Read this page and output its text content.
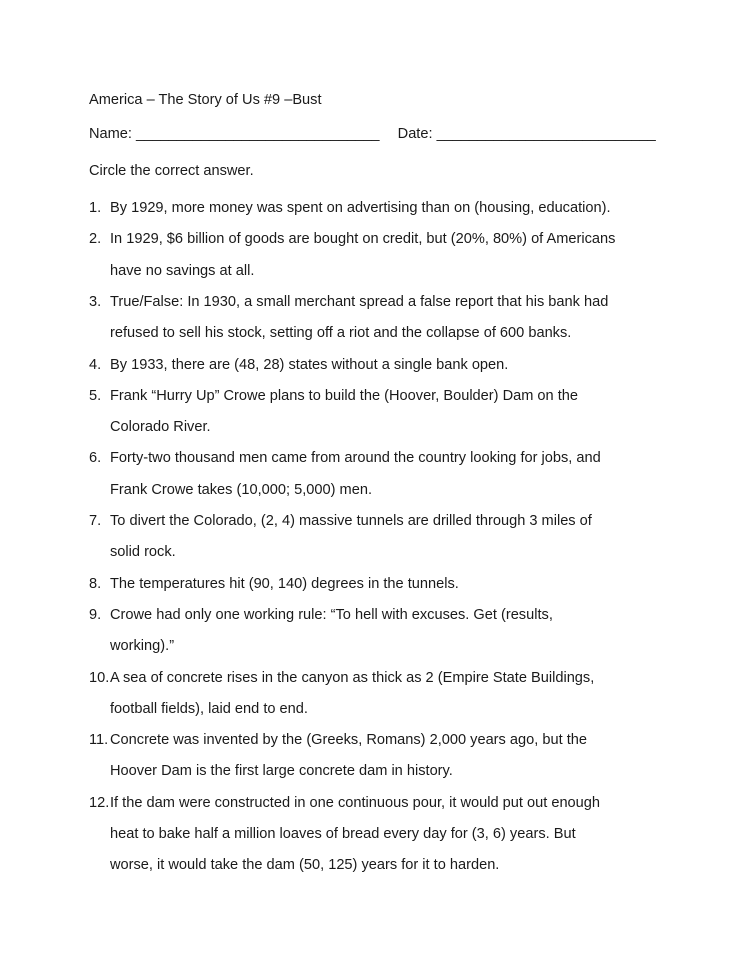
America – The Story of Us #9 –Bust
Name: ______________________________ Date: ___________________________
Circle the correct answer.
1. By 1929, more money was spent on advertising than on (housing, education).
2. In 1929, $6 billion of goods are bought on credit, but (20%, 80%) of Americans
have no savings at all.
3. True/False: In 1930, a small merchant spread a false report that his bank had
refused to sell his stock, setting off a riot and the collapse of 600 banks.
4. By 1933, there are (48, 28) states without a single bank open.
5. Frank “Hurry Up” Crowe plans to build the (Hoover, Boulder) Dam on the
Colorado River.
6. Forty-two thousand men came from around the country looking for jobs, and
Frank Crowe takes (10,000; 5,000) men.
7. To divert the Colorado, (2, 4) massive tunnels are drilled through 3 miles of
solid rock.
8. The temperatures hit (90, 140) degrees in the tunnels.
9. Crowe had only one working rule: “To hell with excuses. Get (results,
working).”
10. A sea of concrete rises in the canyon as thick as 2 (Empire State Buildings,
football fields), laid end to end.
11. Concrete was invented by the (Greeks, Romans) 2,000 years ago, but the
Hoover Dam is the first large concrete dam in history.
12. If the dam were constructed in one continuous pour, it would put out enough
heat to bake half a million loaves of bread every day for (3, 6) years. But
worse, it would take the dam (50, 125) years for it to harden.
